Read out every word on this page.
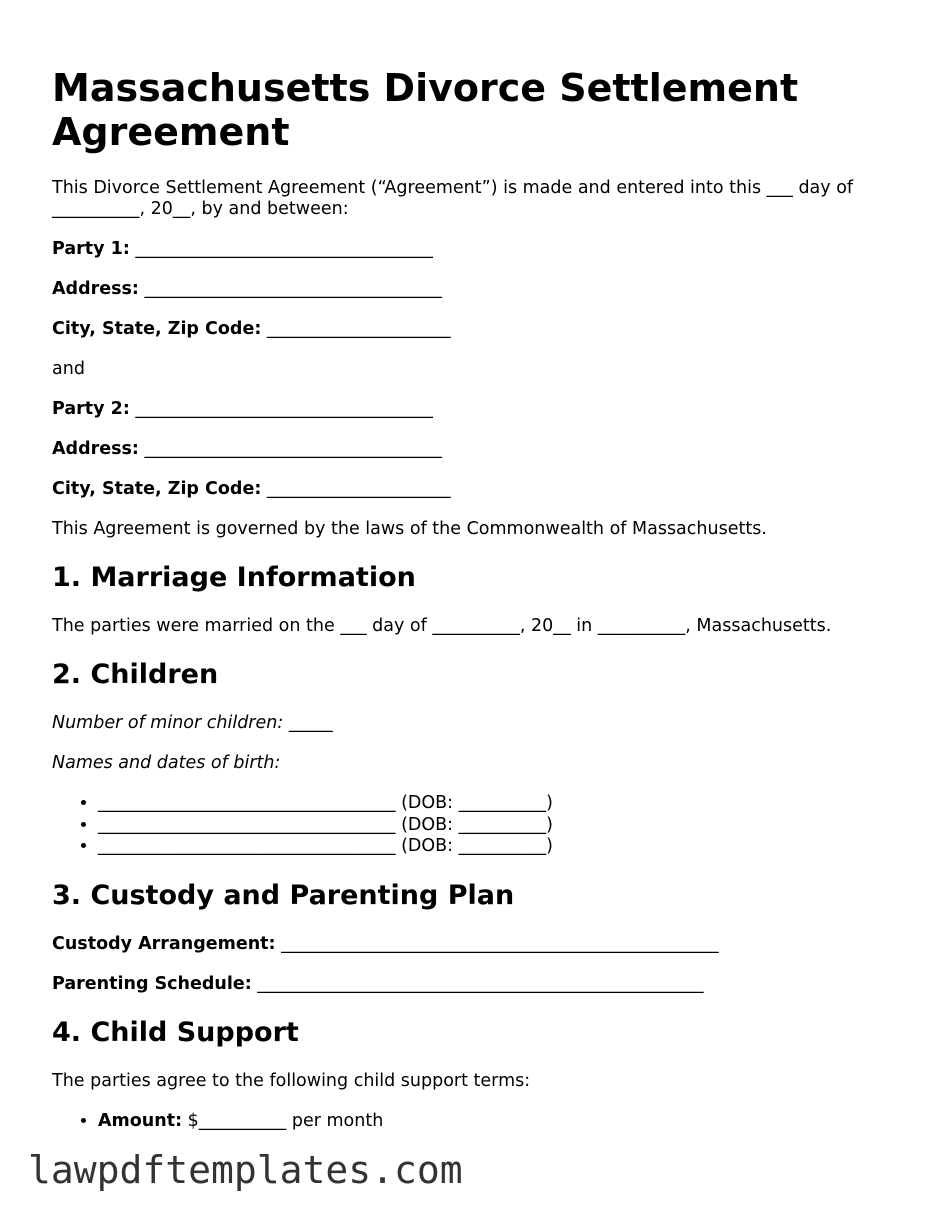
Massachusetts Divorce Settlement Agreement

This Divorce Settlement Agreement (“Agreement”) is made and entered into this ___ day of __________, 20__, by and between:

Party 1: __________________________________

Address: __________________________________

City, State, Zip Code: _____________________

and

Party 2: __________________________________

Address: __________________________________

City, State, Zip Code: _____________________

This Agreement is governed by the laws of the Commonwealth of Massachusetts.

1. Marriage Information

The parties were married on the ___ day of __________, 20__ in __________, Massachusetts.

2. Children

Number of minor children: _____

Names and dates of birth:

• __________________________________ (DOB: __________)
• __________________________________ (DOB: __________)
• __________________________________ (DOB: __________)
3. Custody and Parenting Plan

Custody Arrangement: __________________________________________________

Parenting Schedule: ___________________________________________________

4. Child Support

The parties agree to the following child support terms:

• Amount: $__________ per month
lawpdftemplates.com
